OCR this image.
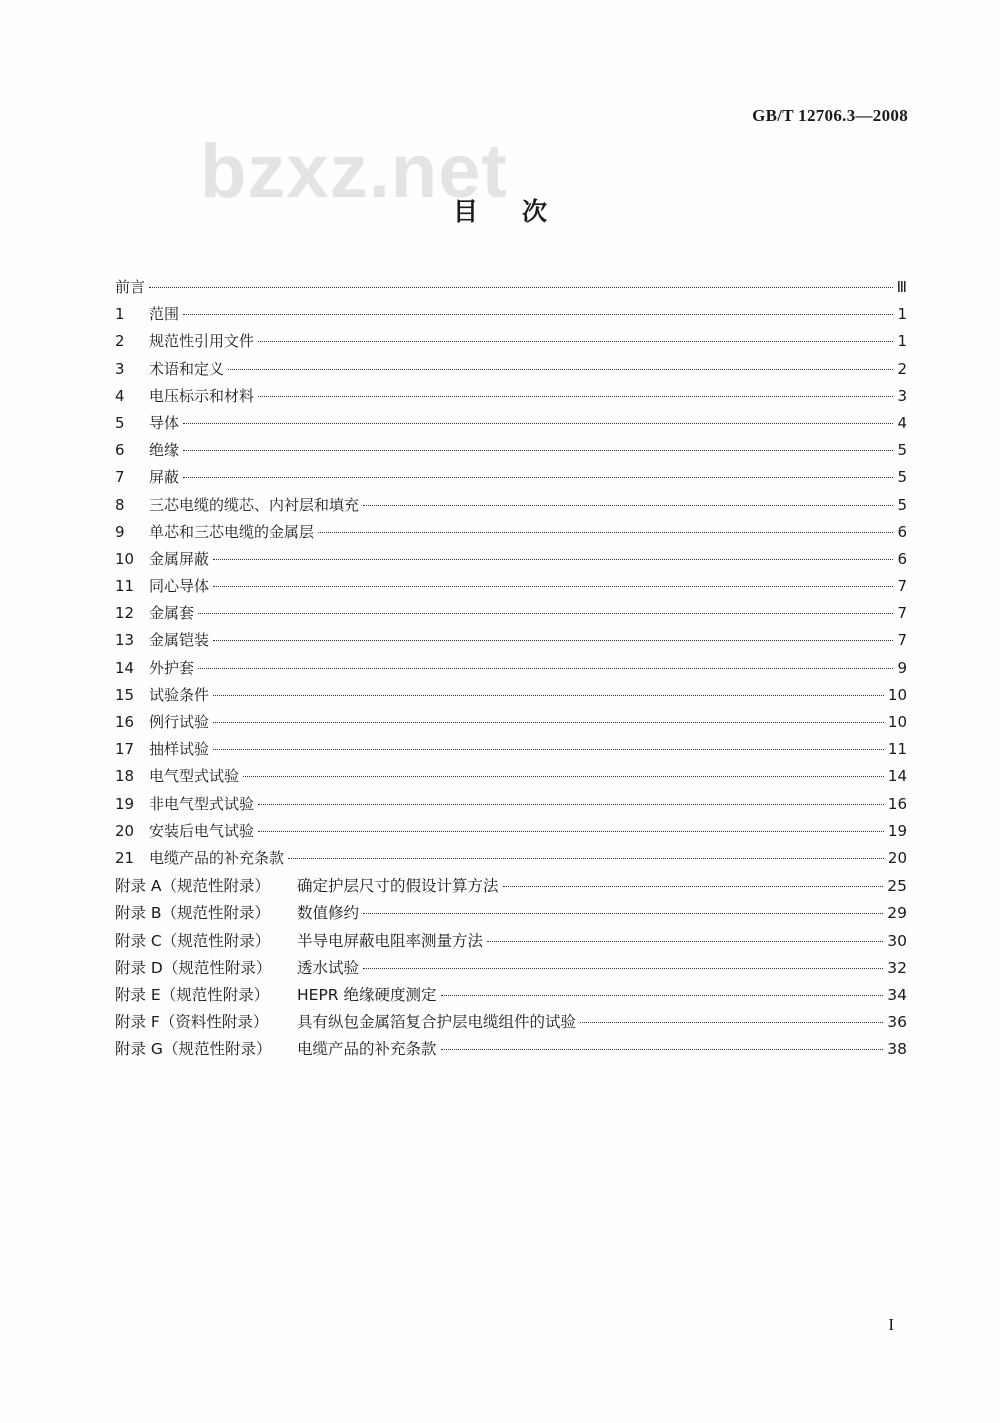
bzxz.net
GB/T 12706.3—2008
目次
前言	Ⅲ
1	范围	1
2	规范性引用文件	1
3	术语和定义	2
4	电压标示和材料	3
5	导体	4
6	绝缘	5
7	屏蔽	5
8	三芯电缆的缆芯、内衬层和填充	5
9	单芯和三芯电缆的金属层	6
10 金属屏蔽	6
11 同心导体	7
12 金属套	7
13 金属铠装	7
14 外护套	9
15 试验条件	10
16 例行试验	10
17 抽样试验	11
18 电气型式试验	14
19 非电气型式试验	16
20 安装后电气试验	19
21 电缆产品的补充条款	20
附录 A（规范性附录）	确定护层尺寸的假设计算方法	25
附录 B（规范性附录）	数值修约	29
附录 C（规范性附录）	半导电屏蔽电阻率测量方法	30
附录 D（规范性附录）	透水试验	32
附录 E（规范性附录）	HEPR 绝缘硬度测定	34
附录 F（资料性附录）	具有纵包金属箔复合护层电缆组件的试验	36
附录 G（规范性附录）	电缆产品的补充条款	38
I
